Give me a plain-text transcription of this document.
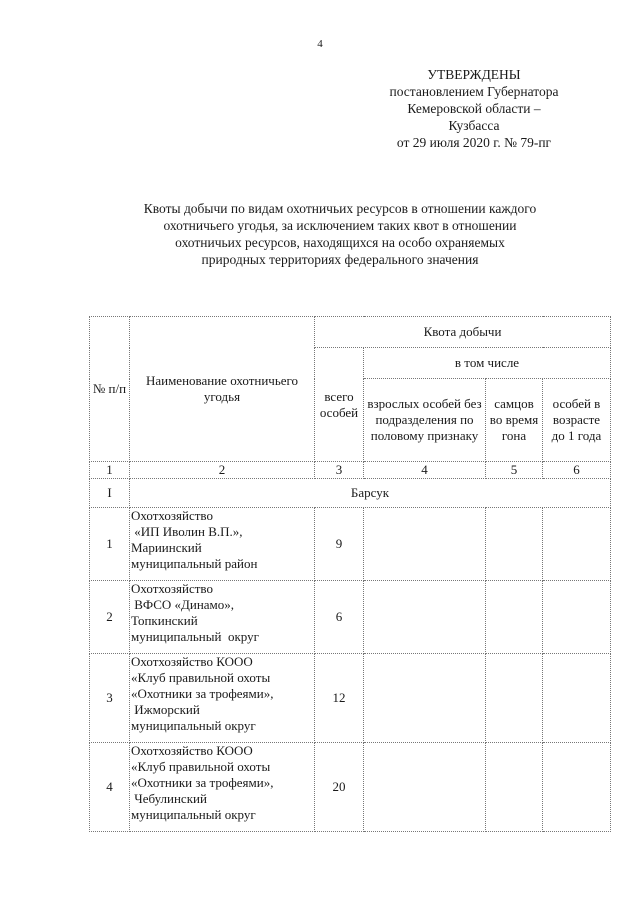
4
УТВЕРЖДЕНЫ
постановлением Губернатора
Кемеровской области –
Кузбасса
от 29 июля 2020 г. № 79-пг
Квоты добычи по видам охотничьих ресурсов в отношении каждого
охотничьего угодья, за исключением таких квот в отношении
охотничьих ресурсов, находящихся на особо охраняемых
природных территориях федерального значения
№ п/п	Наименование охотничьего угодья	Квота добычи			
		всего особей	в том числе		
			взрослых особей без подразделения по половому признаку	самцов во время гона	особей в возрасте до 1 года
1	2	3	4	5	6
I	Барсук				
1	Охотхозяйство
«ИП Иволин В.П.»,
Мариинский
муниципальный район	9			
2	Охотхозяйство
ВФСО «Динамо»,
Топкинский
муниципальный  округ	6			
3	Охотхозяйство КООО
«Клуб правильной охоты
«Охотники за трофеями»,
Ижморский
муниципальный округ	12			
4	Охотхозяйство КООО
«Клуб правильной охоты
«Охотники за трофеями»,
Чебулинский
муниципальный округ	20			
